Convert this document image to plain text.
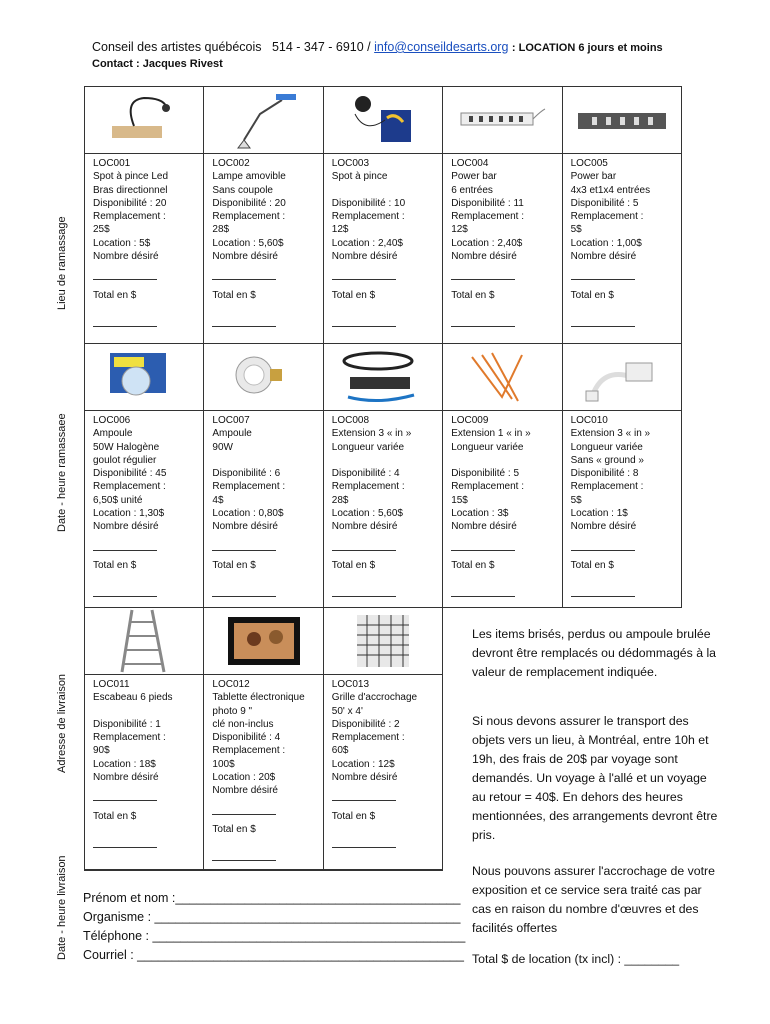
Conseil des artistes québécois 514 - 347 - 6910 / info@conseildesarts.org : LOCATION 6 jours et moins
Contact : Jacques Rivest
Lieu de ramassage
Date - heure ramassaee
Adresse de livraison
Date - heure livraison
LOC001
Spot à pince Led
Bras directionnel
Disponibilité : 20
Remplacement :
25$
Location : 5$
Nombre désiré
Total en $
LOC002
Lampe amovible
Sans coupole
Disponibilité : 20
Remplacement :
28$
Location : 5,60$
Nombre désiré
Total en $
LOC003
Spot à pince

Disponibilité : 10
Remplacement :
12$
Location : 2,40$
Nombre désiré
Total en $
LOC004
Power bar
6 entrées
Disponibilité : 11
Remplacement :
12$
Location : 2,40$
Nombre désiré
Total en $
LOC005
Power bar
4x3 et1x4 entrées
Disponibilité : 5
Remplacement :
5$
Location : 1,00$
Nombre désiré
Total en $
LOC006
Ampoule
50W Halogène
goulot régulier
Disponibilité : 45
Remplacement :
6,50$ unité
Location : 1,30$
Nombre désiré
Total en $
LOC007
Ampoule
90W

Disponibilité : 6
Remplacement :
4$
Location : 0,80$
Nombre désiré
Total en $
LOC008
Extension 3 « in »
Longueur variée

Disponibilité : 4
Remplacement :
28$
Location : 5,60$
Nombre désiré
Total en $
LOC009
Extension 1 « in »
Longueur variée

Disponibilité : 5
Remplacement :
15$
Location : 3$
Nombre désiré
Total en $
LOC010
Extension 3 « in »
Longueur variée
Sans « ground »
Disponibilité : 8
Remplacement :
5$
Location : 1$
Nombre désiré
Total en $
LOC011
Escabeau 6 pieds

Disponibilité : 1
Remplacement :
90$
Location : 18$
Nombre désiré
Total en $
LOC012
Tablette électronique
photo 9 "
clé non-inclus
Disponibilité : 4
Remplacement :
100$
Location : 20$
Nombre désiré
Total en $
LOC013
Grille d'accrochage
50' x 4'
Disponibilité : 2
Remplacement :
60$
Location : 12$
Nombre désiré
Total en $
Les items brisés, perdus ou ampoule brulée devront être remplacés ou dédommagés à la valeur de remplacement indiquée.
Si nous devons assurer le transport des objets vers un lieu, à Montréal, entre 10h et 19h, des frais de 20$ par voyage sont demandés. Un voyage à l'allé et un voyage au retour = 40$. En dehors des heures mentionnées, des arrangements devront être pris.
Nous pouvons assurer l'accrochage de votre exposition et ce service sera traité cas par cas en raison du nombre d'œuvres et des facilités offertes
Total $ de location (tx incl) : ________
Prénom et nom :_________________________________________
Organisme : ____________________________________________
Téléphone : _____________________________________________
Courriel : _______________________________________________
